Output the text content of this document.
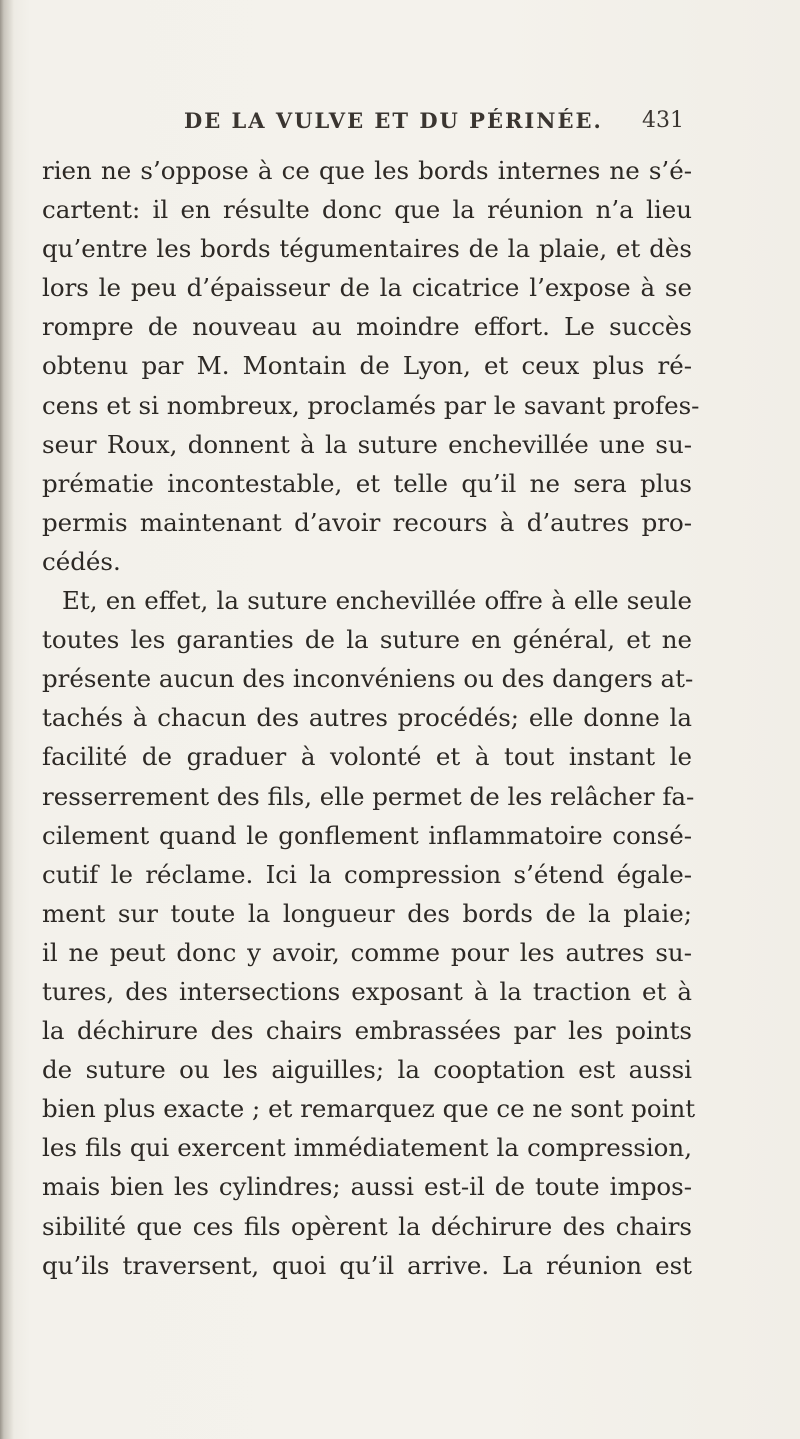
DE LA VULVE ET DU PÉRINÉE. 431
rien ne s’oppose à ce que les bords internes ne s’é-
cartent: il en résulte donc que la réunion n’a lieu
qu’entre les bords tégumentaires de la plaie, et dès
lors le peu d’épaisseur de la cicatrice l’expose à se
rompre de nouveau au moindre effort. Le succès
obtenu par M. Montain de Lyon, et ceux plus ré-
cens et si nombreux, proclamés par le savant profes-
seur Roux, donnent à la suture enchevillée une su-
prématie incontestable, et telle qu’il ne sera plus
permis maintenant d’avoir recours à d’autres pro-
cédés.
Et, en effet, la suture enchevillée offre à elle seule
toutes les garanties de la suture en général, et ne
présente aucun des inconvéniens ou des dangers at-
tachés à chacun des autres procédés; elle donne la
facilité de graduer à volonté et à tout instant le
resserrement des fils, elle permet de les relâcher fa-
cilement quand le gonflement inflammatoire consé-
cutif le réclame. Ici la compression s’étend égale-
ment sur toute la longueur des bords de la plaie;
il ne peut donc y avoir, comme pour les autres su-
tures, des intersections exposant à la traction et à
la déchirure des chairs embrassées par les points
de suture ou les aiguilles; la cooptation est aussi
bien plus exacte ; et remarquez que ce ne sont point
les fils qui exercent immédiatement la compression,
mais bien les cylindres; aussi est-il de toute impos-
sibilité que ces fils opèrent la déchirure des chairs
qu’ils traversent, quoi qu’il arrive. La réunion est
